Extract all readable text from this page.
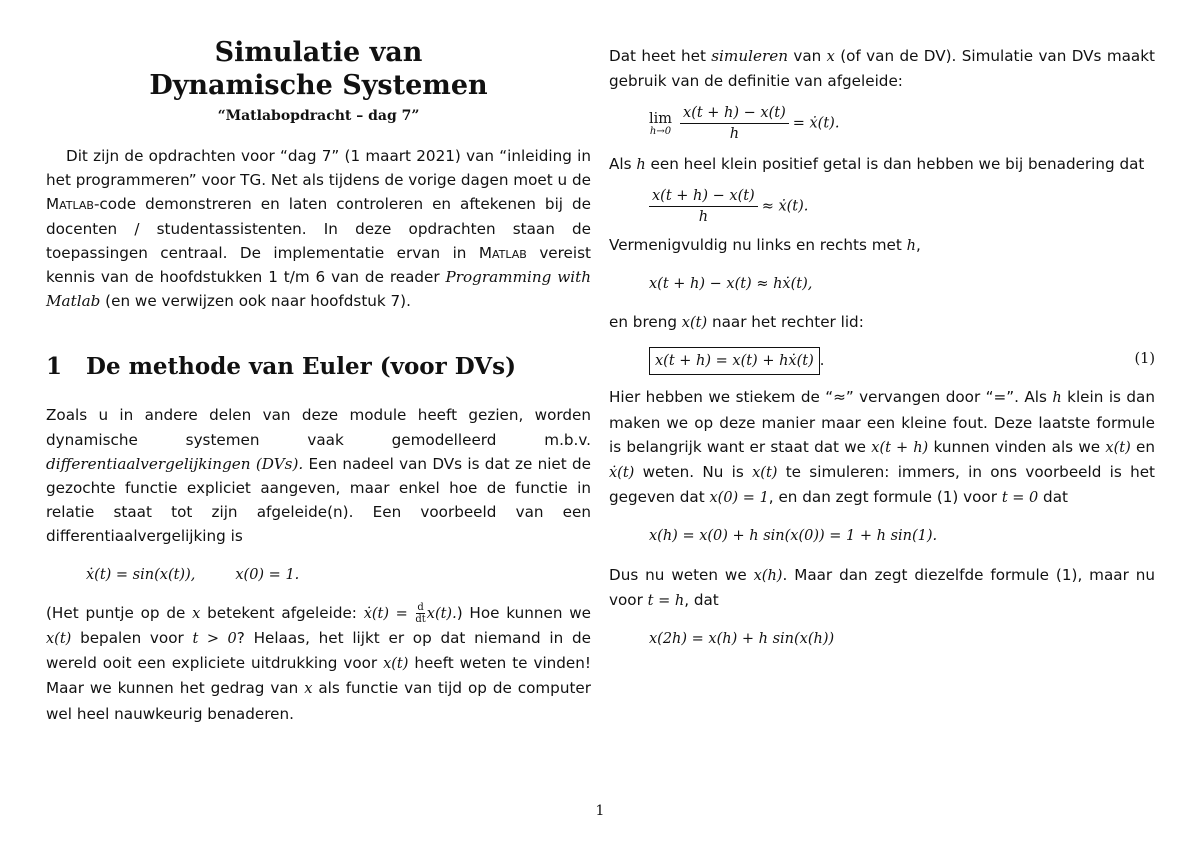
Simulatie van
Dynamische Systemen
“Matlabopdracht – dag 7”

Dit zijn de opdrachten voor “dag 7” (1 maart 2021) van “inleiding in het programmeren” voor TG. Net als tijdens de vorige dagen moet u de Matlab-code demonstreren en laten controleren en aftekenen bij de docenten / studentassistenten. In deze opdrachten staan de toepassingen centraal. De implementatie ervan in Matlab vereist kennis van de hoofdstukken 1 t/m 6 van de reader Programming with Matlab (en we verwijzen ook naar hoofdstuk 7).

1 De methode van Euler (voor DVs)

Zoals u in andere delen van deze module heeft gezien, worden dynamische systemen vaak gemodelleerd m.b.v. differentiaalvergelijkingen (DVs). Een nadeel van DVs is dat ze niet de gezochte functie expliciet aangeven, maar enkel hoe de functie in relatie staat tot zijn afgeleide(n). Een voorbeeld van een differentiaalvergelijking is

ẋ(t) = sin(x(t)),	x(0) = 1.

(Het puntje op de x betekent afgeleide: ẋ(t) = $\frac{d}{dt} x(t)$.) Hoe kunnen we x(t) bepalen voor t > 0? Helaas, het lijkt er op dat niemand in de wereld ooit een expliciete uitdrukking voor x(t) heeft weten te vinden! Maar we kunnen het gedrag van x als functie van tijd op de computer wel heel nauwkeurig benaderen.

Dat heet het simuleren van x (of van de DV). Simulatie van DVs maakt gebruik van de definitie van afgeleide:

lim
$h\to 0 \frac{x(t + h) - x(t)}{h}$ = ẋ(t).

Als h een heel klein positief getal is dan hebben we bij benadering dat

$\frac{x(t + h) - x(t)}{h}$ ≈ ẋ(t).

Vermenigvuldig nu links en rechts met h,

x(t + h) − x(t) ≈ hẋ(t),

en breng x(t) naar het rechter lid:

x(t + h) = x(t) + hẋ(t) .	(1)

Hier hebben we stiekem de “≈” vervangen door “=”. Als h klein is dan maken we op deze manier maar een kleine fout. Deze laatste formule is belangrijk want er staat dat we x(t + h) kunnen vinden als we x(t) en ẋ(t) weten. Nu is x(t) te simuleren: immers, in ons voorbeeld is het gegeven dat x(0) = 1, en dan zegt formule (1) voor t = 0 dat

x(h) = x(0) + h sin(x(0)) = 1 + h sin(1).

Dus nu weten we x(h). Maar dan zegt diezelfde formule (1), maar nu voor t = h, dat

x(2h) = x(h) + h sin(x(h))
1
